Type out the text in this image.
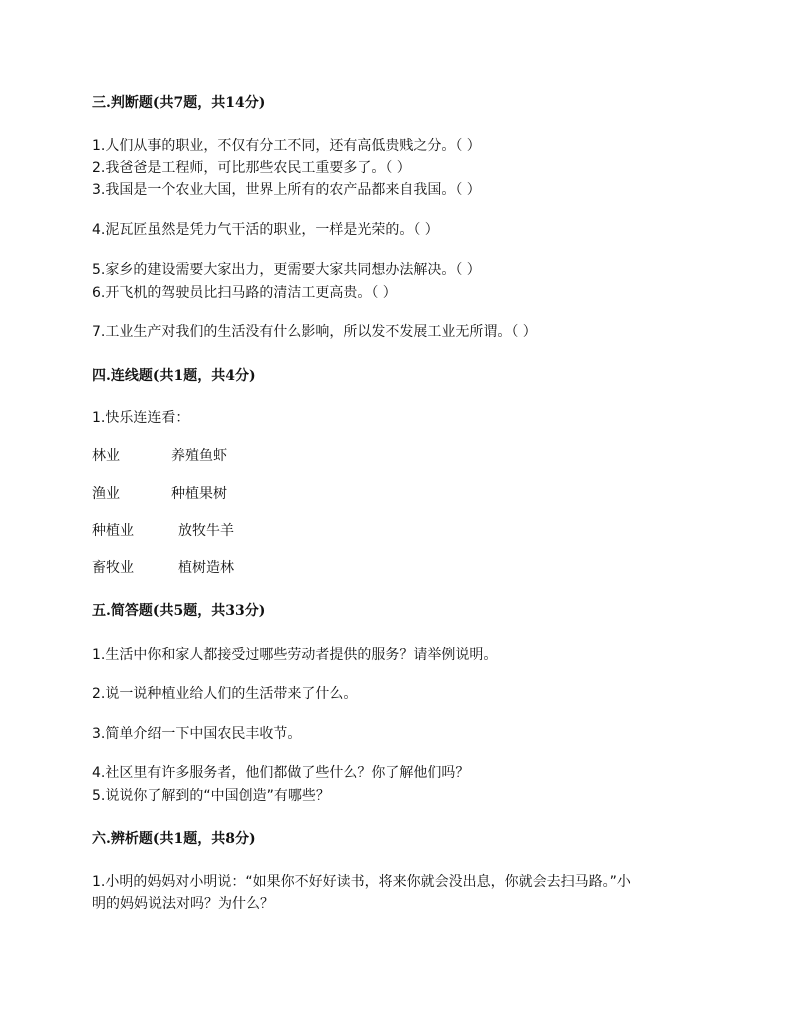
三.判断题(共7题，共14分)
1.人们从事的职业，不仅有分工不同，还有高低贵贱之分。（ ）
2.我爸爸是工程师，可比那些农民工重要多了。（ ）
3.我国是一个农业大国，世界上所有的农产品都来自我国。（ ）
4.泥瓦匠虽然是凭力气干活的职业，一样是光荣的。（ ）
5.家乡的建设需要大家出力，更需要大家共同想办法解决。（ ）
6.开飞机的驾驶员比扫马路的清洁工更高贵。（ ）
7.工业生产对我们的生活没有什么影响，所以发不发展工业无所谓。（ ）
四.连线题(共1题，共4分)
1.快乐连连看：
林业	养殖鱼虾
渔业	种植果树
种植业	放牧牛羊
畜牧业	植树造林
五.简答题(共5题，共33分)
1.生活中你和家人都接受过哪些劳动者提供的服务？请举例说明。
2.说一说种植业给人们的生活带来了什么。
3.简单介绍一下中国农民丰收节。
4.社区里有许多服务者，他们都做了些什么？你了解他们吗？
5.说说你了解到的“中国创造”有哪些？
六.辨析题(共1题，共8分)
1.小明的妈妈对小明说：“如果你不好好读书，将来你就会没出息，你就会去扫马路。”小
明的妈妈说法对吗？为什么？
